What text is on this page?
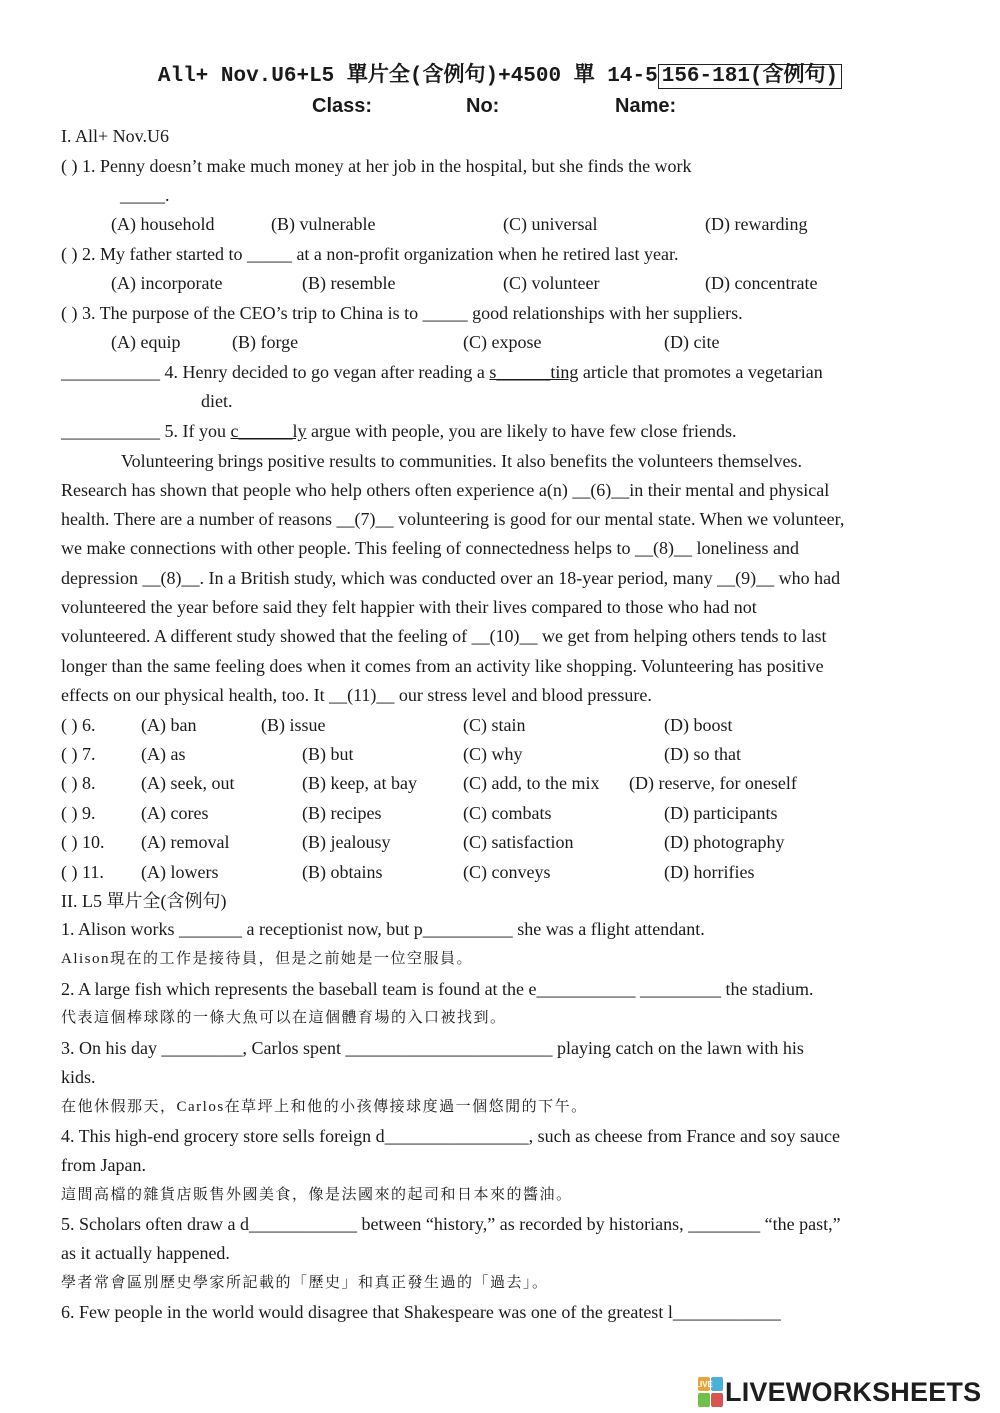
All+ Nov.U6+L5 單片全(含例句)+4500 單 14-5 156-181(含例句)
Class:	No:	Name:
I. All+ Nov.U6
( ) 1. Penny doesn’t make much money at her job in the hospital, but she finds the work
_____.
(A) household	(B) vulnerable	(C) universal	(D) rewarding
( ) 2. My father started to _____ at a non-profit organization when he retired last year.
(A) incorporate	(B) resemble	(C) volunteer	(D) concentrate
( ) 3. The purpose of the CEO’s trip to China is to _____ good relationships with her suppliers.
(A) equip	(B) forge	(C) expose	(D) cite
___________ 4. Henry decided to go vegan after reading a s______ting article that promotes a vegetarian
diet.
___________ 5. If you c______ly argue with people, you are likely to have few close friends.
Volunteering brings positive results to communities. It also benefits the volunteers themselves.
Research has shown that people who help others often experience a(n) __(6)__in their mental and physical
health. There are a number of reasons __(7)__ volunteering is good for our mental state. When we volunteer,
we make connections with other people. This feeling of connectedness helps to __(8)__ loneliness and
depression __(8)__. In a British study, which was conducted over an 18-year period, many __(9)__ who had
volunteered the year before said they felt happier with their lives compared to those who had not
volunteered. A different study showed that the feeling of __(10)__ we get from helping others tends to last
longer than the same feeling does when it comes from an activity like shopping. Volunteering has positive
effects on our physical health, too. It __(11)__ our stress level and blood pressure.
( ) 6.	(A) ban	(B) issue	(C) stain	(D) boost
( ) 7.	(A) as	(B) but	(C) why	(D) so that
( ) 8.	(A) seek, out	(B) keep, at bay	(C) add, to the mix (D) reserve, for oneself
( ) 9.	(A) cores	(B) recipes	(C) combats	(D) participants
( ) 10. (A) removal	(B) jealousy	(C) satisfaction	(D) photography
( ) 11. (A) lowers	(B) obtains	(C) conveys	(D) horrifies
II. L5 單片全(含例句)
1. Alison works _______ a receptionist now, but p__________ she was a flight attendant.
Alison現在的工作是接待員，但是之前她是一位空服員。
2. A large fish which represents the baseball team is found at the e___________ _________ the stadium.
代表這個棒球隊的一條大魚可以在這個體育場的入口被找到。
3. On his day _________, Carlos spent _______________________ playing catch on the lawn with his
kids.
在他休假那天，Carlos在草坪上和他的小孩傳接球度過一個悠閒的下午。
4. This high-end grocery store sells foreign d________________, such as cheese from France and soy sauce
from Japan.
這間高檔的雜貨店販售外國美食，像是法國來的起司和日本來的醬油。
5. Scholars often draw a d____________ between “history,” as recorded by historians, ________ “the past,”
as it actually happened.
學者常會區別歷史學家所記載的「歷史」和真正發生過的「過去」。
6. Few people in the world would disagree that Shakespeare was one of the greatest l____________
LIVE LIVEWORKSHEETS
